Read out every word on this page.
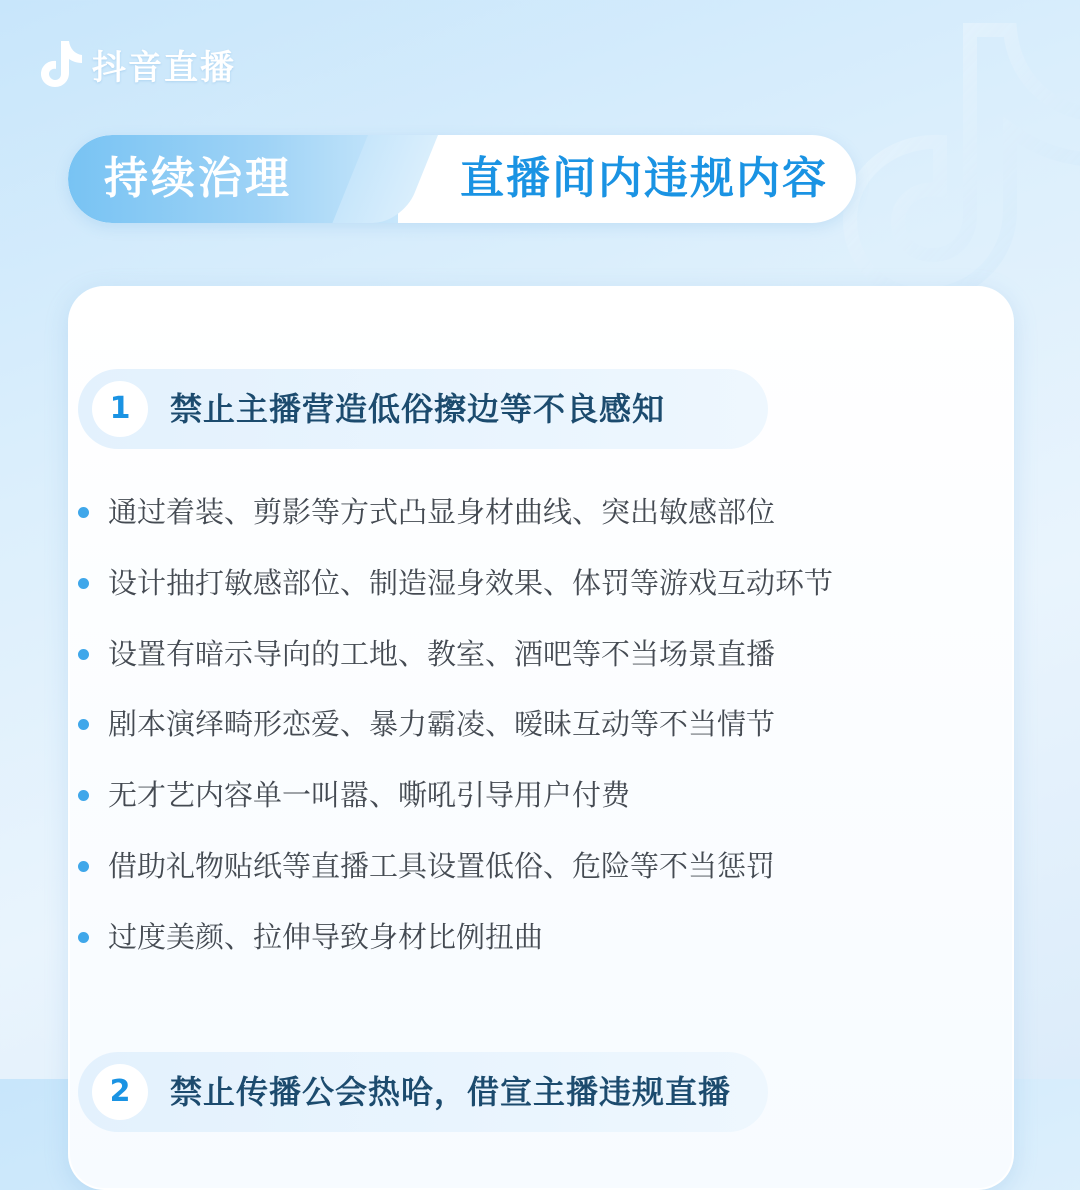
抖音直播
持续治理	直播间内违规内容
1	禁止主播营造低俗擦边等不良感知
通过着装、剪影等方式凸显身材曲线、突出敏感部位
设计抽打敏感部位、制造湿身效果、体罚等游戏互动环节
设置有暗示导向的工地、教室、酒吧等不当场景直播
剧本演绎畸形恋爱、暴力霸凌、暧昧互动等不当情节
无才艺内容单一叫嚣、嘶吼引导用户付费
借助礼物贴纸等直播工具设置低俗、危险等不当惩罚
过度美颜、拉伸导致身材比例扭曲
2	禁止传播公会热哈，借宣主播违规直播
